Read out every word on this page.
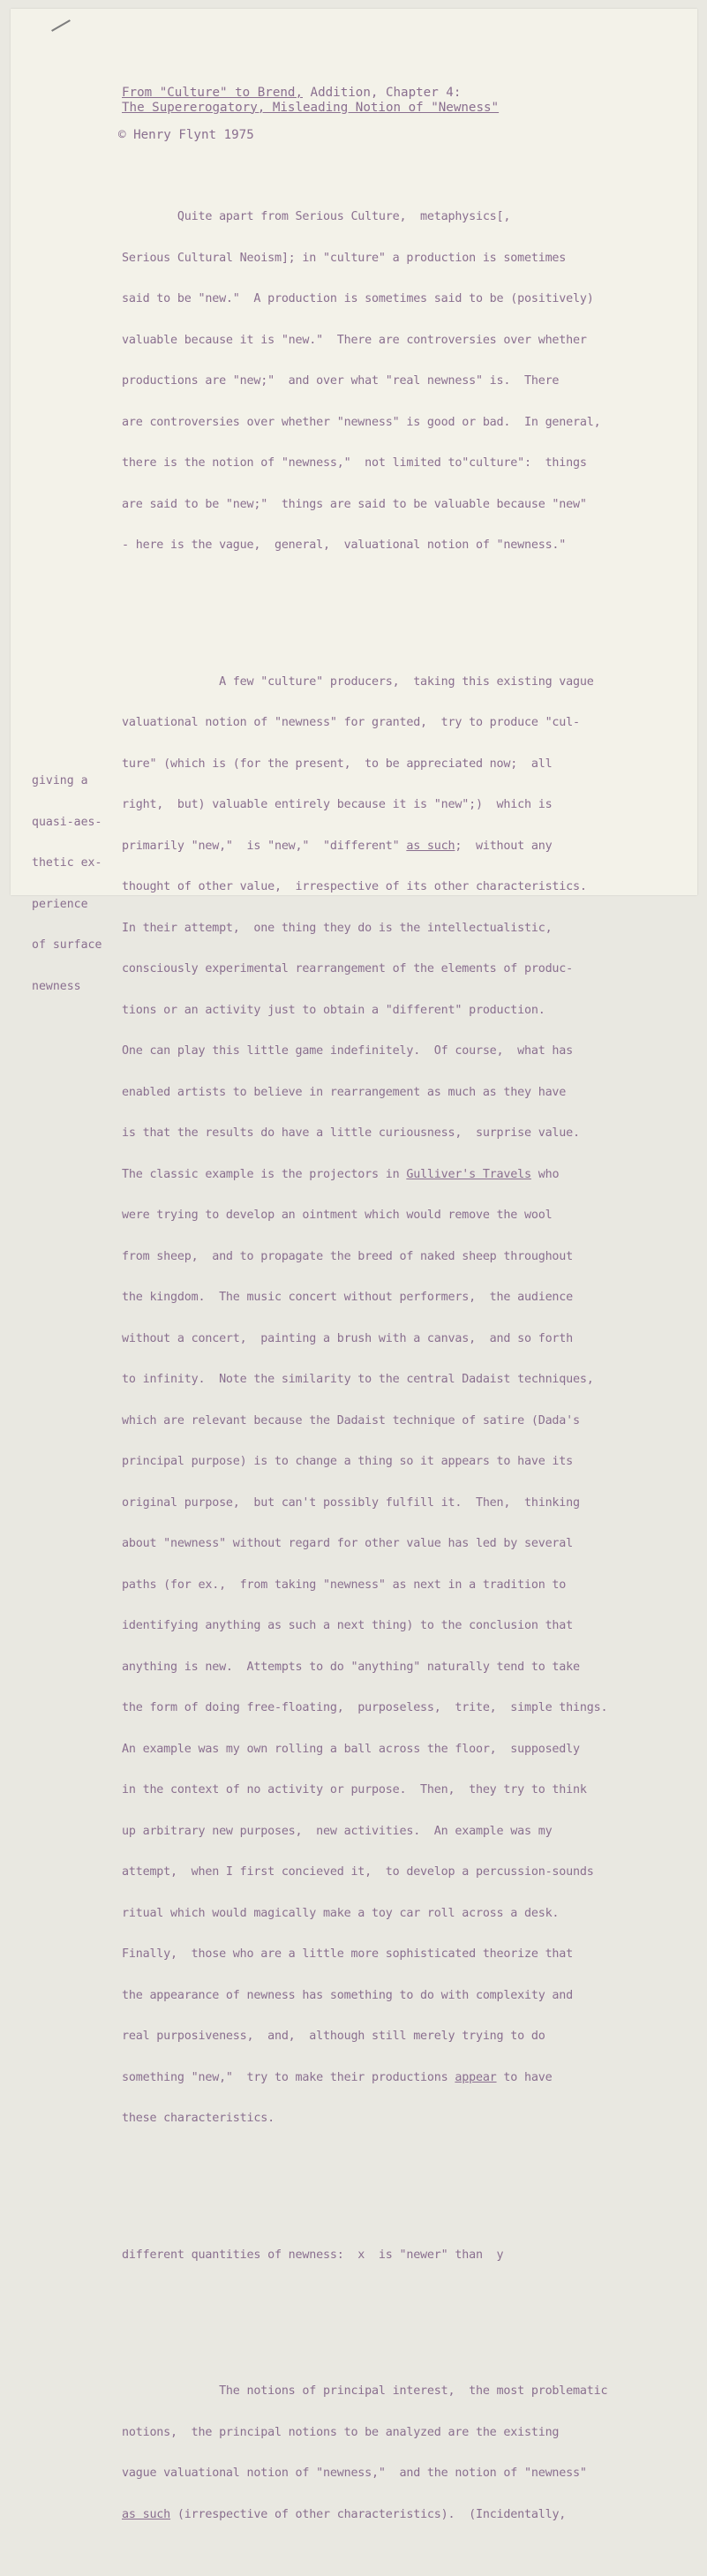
From "Culture" to Brend, Addition, Chapter 4:
The Supererogatory, Misleading Notion of "Newness"
© Henry Flynt 1975

Quite apart from Serious Culture,  metaphysics[,

Serious Cultural Neoism]; in "culture" a production is sometimes

said to be "new."  A production is sometimes said to be (positively)

valuable because it is "new."  There are controversies over whether

productions are "new;"  and over what "real newness" is.  There

are controversies over whether "newness" is good or bad.  In general,

there is the notion of "newness,"  not limited to"culture":  things

are said to be "new;"  things are said to be valuable because "new"

- here is the vague,  general,  valuational notion of "newness."

A few "culture" producers,  taking this existing vague

valuational notion of "newness" for granted,  try to produce "cul-

ture" (which is (for the present,  to be appreciated now;  all

right,  but) valuable entirely because it is "new";)  which is

primarily "new,"  is "new,"  "different" as such;  without any

thought of other value,  irrespective of its other characteristics.

In their attempt,  one thing they do is the intellectualistic,

consciously experimental rearrangement of the elements of produc-

tions or an activity just to obtain a "different" production.

One can play this little game indefinitely.  Of course,  what has

enabled artists to believe in rearrangement as much as they have

is that the results do have a little curiousness,  surprise value.

The classic example is the projectors in Gulliver's Travels who

were trying to develop an ointment which would remove the wool

from sheep,  and to propagate the breed of naked sheep throughout

the kingdom.  The music concert without performers,  the audience

without a concert,  painting a brush with a canvas,  and so forth

to infinity.  Note the similarity to the central Dadaist techniques,

which are relevant because the Dadaist technique of satire (Dada's

principal purpose) is to change a thing so it appears to have its

original purpose,  but can't possibly fulfill it.  Then,  thinking

about "newness" without regard for other value has led by several

paths (for ex.,  from taking "newness" as next in a tradition to

identifying anything as such a next thing) to the conclusion that

anything is new.  Attempts to do "anything" naturally tend to take

the form of doing free-floating,  purposeless,  trite,  simple things.

An example was my own rolling a ball across the floor,  supposedly

in the context of no activity or purpose.  Then,  they try to think

up arbitrary new purposes,  new activities.  An example was my

attempt,  when I first concieved it,  to develop a percussion-sounds

ritual which would magically make a toy car roll across a desk.

Finally,  those who are a little more sophisticated theorize that

the appearance of newness has something to do with complexity and

real purposiveness,  and,  although still merely trying to do

something "new,"  try to make their productions appear to have

these characteristics.

different quantities of newness:  x  is "newer" than  y

The notions of principal interest,  the most problematic

notions,  the principal notions to be analyzed are the existing

vague valuational notion of "newness,"  and the notion of "newness"

as such (irrespective of other characteristics).  (Incidentally,

giving a

quasi-aes-

thetic ex-

perience

of surface

newness
